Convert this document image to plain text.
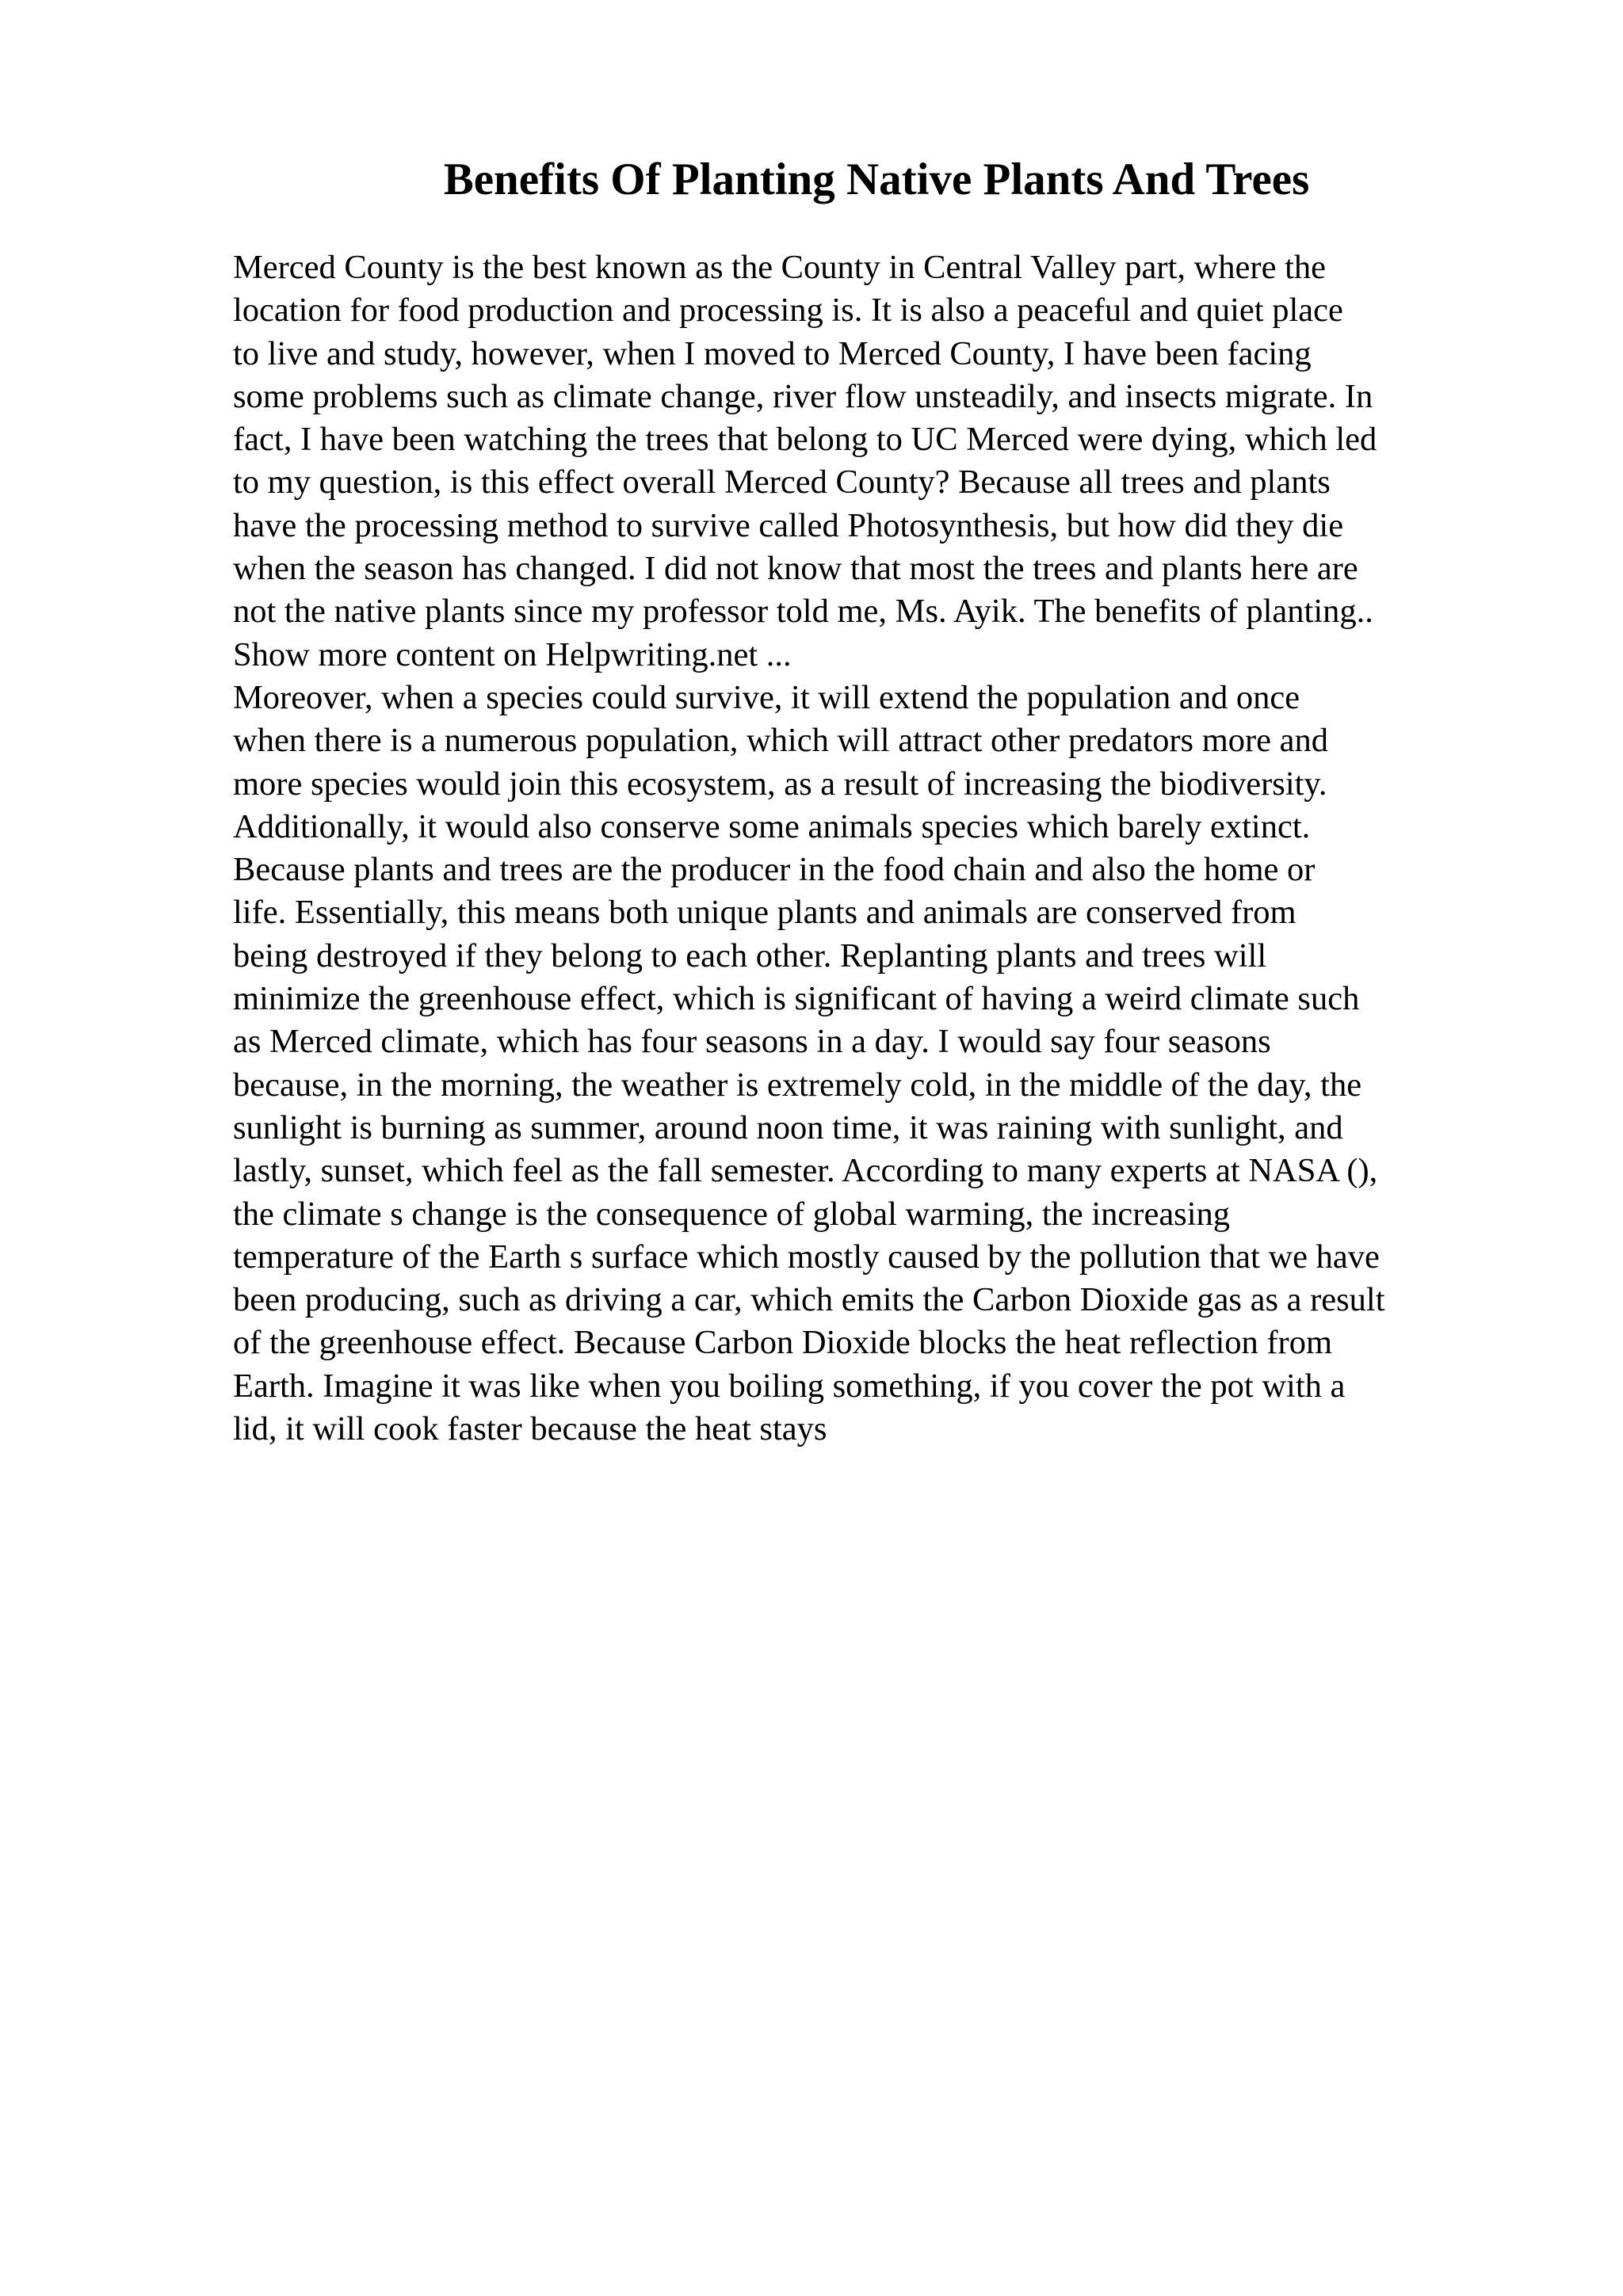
Benefits Of Planting Native Plants And Trees
Merced County is the best known as the County in Central Valley part, where the
location for food production and processing is. It is also a peaceful and quiet place
to live and study, however, when I moved to Merced County, I have been facing
some problems such as climate change, river flow unsteadily, and insects migrate. In
fact, I have been watching the trees that belong to UC Merced were dying, which led
to my question, is this effect overall Merced County? Because all trees and plants
have the processing method to survive called Photosynthesis, but how did they die
when the season has changed. I did not know that most the trees and plants here are
not the native plants since my professor told me, Ms. Ayik. The benefits of planting..
Show more content on Helpwriting.net ...
Moreover, when a species could survive, it will extend the population and once
when there is a numerous population, which will attract other predators more and
more species would join this ecosystem, as a result of increasing the biodiversity.
Additionally, it would also conserve some animals species which barely extinct.
Because plants and trees are the producer in the food chain and also the home or
life. Essentially, this means both unique plants and animals are conserved from
being destroyed if they belong to each other. Replanting plants and trees will
minimize the greenhouse effect, which is significant of having a weird climate such
as Merced climate, which has four seasons in a day. I would say four seasons
because, in the morning, the weather is extremely cold, in the middle of the day, the
sunlight is burning as summer, around noon time, it was raining with sunlight, and
lastly, sunset, which feel as the fall semester. According to many experts at NASA (),
the climate s change is the consequence of global warming, the increasing
temperature of the Earth s surface which mostly caused by the pollution that we have
been producing, such as driving a car, which emits the Carbon Dioxide gas as a result
of the greenhouse effect. Because Carbon Dioxide blocks the heat reflection from
Earth. Imagine it was like when you boiling something, if you cover the pot with a
lid, it will cook faster because the heat stays
